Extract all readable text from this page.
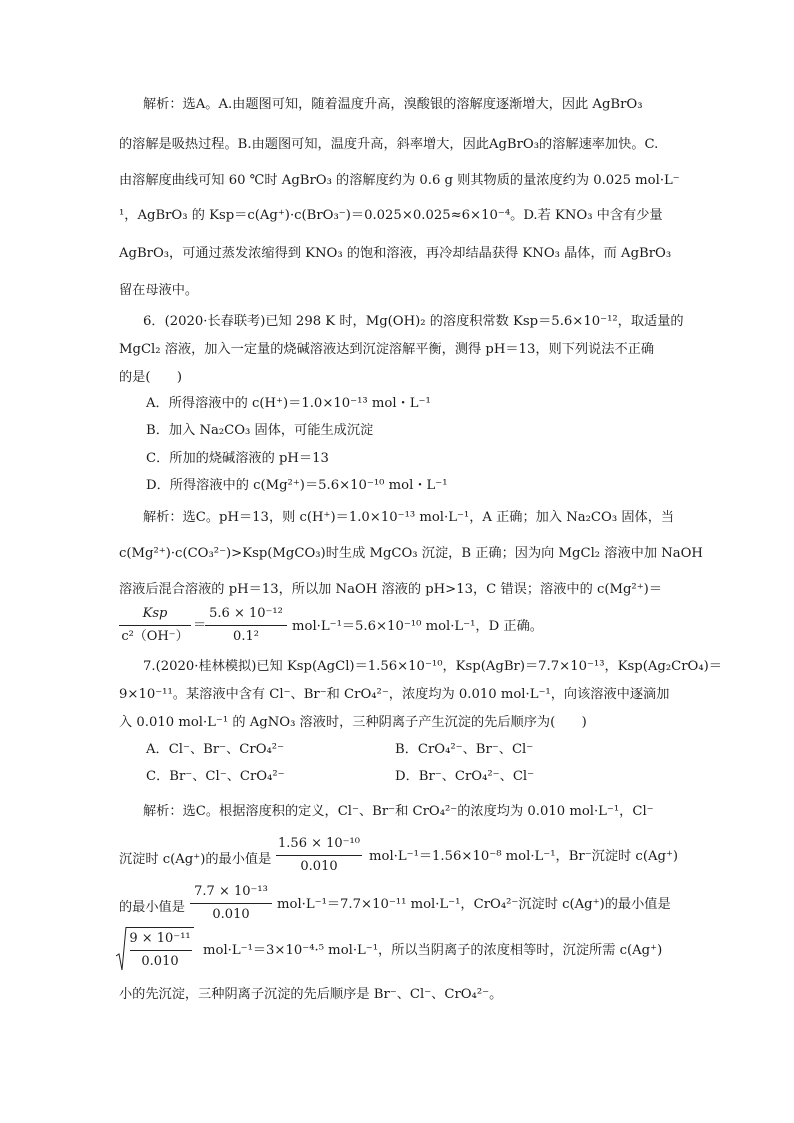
解析：选A。A.由题图可知，随着温度升高，溴酸银的溶解度逐渐增大，因此 AgBrO₃
的溶解是吸热过程。B.由题图可知，温度升高，斜率增大，因此AgBrO₃的溶解速率加快。C.
由溶解度曲线可知 60 ℃时 AgBrO₃ 的溶解度约为 0.6 g 则其物质的量浓度约为 0.025 mol·L⁻
¹，AgBrO₃ 的 Ksp＝c(Ag⁺)·c(BrO₃⁻)＝0.025×0.025≈6×10⁻⁴。D.若 KNO₃ 中含有少量
AgBrO₃，可通过蒸发浓缩得到 KNO₃ 的饱和溶液，再冷却结晶获得 KNO₃ 晶体，而 AgBrO₃
留在母液中。
6．(2020·长春联考)已知 298 K 时，Mg(OH)₂ 的溶度积常数 Ksp＝5.6×10⁻¹²，取适量的
MgCl₂ 溶液，加入一定量的烧碱溶液达到沉淀溶解平衡，测得 pH＝13，则下列说法不正确
的是(　　)
A．所得溶液中的 c(H⁺)＝1.0×10⁻¹³ mol・L⁻¹
B．加入 Na₂CO₃ 固体，可能生成沉淀
C．所加的烧碱溶液的 pH＝13
D．所得溶液中的 c(Mg²⁺)＝5.6×10⁻¹⁰ mol・L⁻¹
解析：选C。pH＝13，则 c(H⁺)＝1.0×10⁻¹³ mol·L⁻¹，A 正确；加入 Na₂CO₃ 固体，当
c(Mg²⁺)·c(CO₃²⁻)>Ksp(MgCO₃)时生成 MgCO₃ 沉淀，B 正确；因为向 MgCl₂ 溶液中加 NaOH
溶液后混合溶液的 pH＝13，所以加 NaOH 溶液的 pH>13，C 错误；溶液中的 c(Mg²⁺)＝
Ksp
c²（OH⁻）
＝
5.6 × 10⁻¹²
0.1²
mol·L⁻¹＝5.6×10⁻¹⁰ mol·L⁻¹，D 正确。
7.(2020·桂林模拟)已知 Ksp(AgCl)＝1.56×10⁻¹⁰，Ksp(AgBr)＝7.7×10⁻¹³，Ksp(Ag₂CrO₄)＝
9×10⁻¹¹。某溶液中含有 Cl⁻、Br⁻和 CrO₄²⁻，浓度均为 0.010 mol·L⁻¹，向该溶液中逐滴加
入 0.010 mol·L⁻¹ 的 AgNO₃ 溶液时，三种阴离子产生沉淀的先后顺序为(　　)
A．Cl⁻、Br⁻、CrO₄²⁻	B．CrO₄²⁻、Br⁻、Cl⁻
C．Br⁻、Cl⁻、CrO₄²⁻	D．Br⁻、CrO₄²⁻、Cl⁻
解析：选C。根据溶度积的定义，Cl⁻、Br⁻和 CrO₄²⁻的浓度均为 0.010 mol·L⁻¹，Cl⁻
沉淀时 c(Ag⁺)的最小值是
1.56 × 10⁻¹⁰
0.010
mol·L⁻¹＝1.56×10⁻⁸ mol·L⁻¹，Br⁻沉淀时 c(Ag⁺)
的最小值是
7.7 × 10⁻¹³
0.010
mol·L⁻¹＝7.7×10⁻¹¹ mol·L⁻¹，CrO₄²⁻沉淀时 c(Ag⁺)的最小值是
9 × 10⁻¹¹
0.010
mol·L⁻¹＝3×10⁻⁴·⁵ mol·L⁻¹，所以当阴离子的浓度相等时，沉淀所需 c(Ag⁺)
小的先沉淀，三种阴离子沉淀的先后顺序是 Br⁻、Cl⁻、CrO₄²⁻。
